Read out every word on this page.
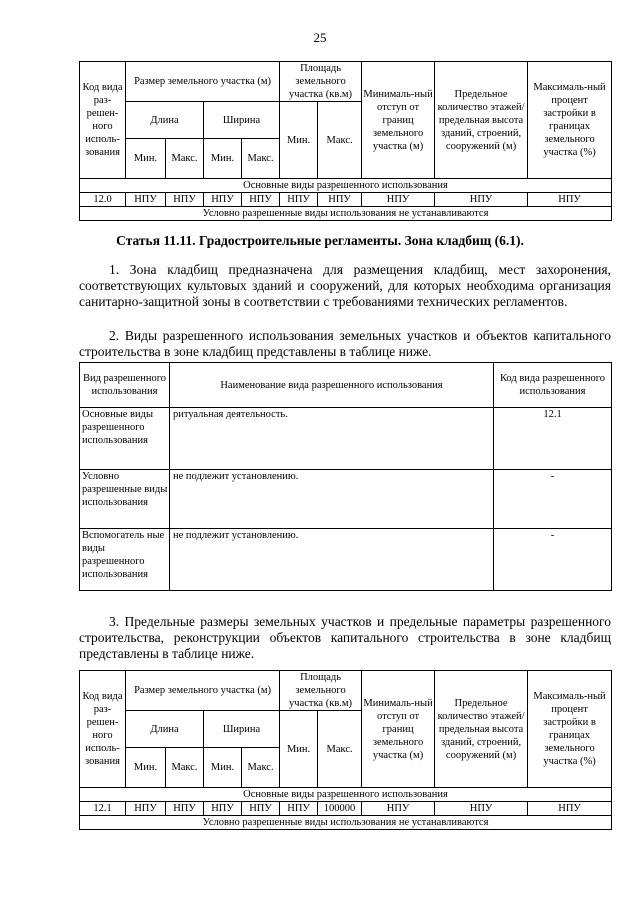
25
Код вида раз-решен-ного исполь-зования	Размер земельного участка (м)				Площадь земельного участка (кв.м)		Минималь-ный отступ от границ земельного участка (м)	Предельное количество этажей/ предельная высота зданий, строений, сооружений (м)	Максималь-ный процент застройки в границах земельного участка (%)
	Длина		Ширина		Мин.	Макс.			
	Мин.	Макс.	Мин.	Макс.					
Основные виды разрешенного использования									
12.0	НПУ	НПУ	НПУ	НПУ	НПУ	НПУ	НПУ	НПУ	НПУ
Условно разрешенные виды использования не устанавливаются									
Статья 11.11. Градостроительные регламенты. Зона кладбищ (6.1).

1. Зона кладбищ предназначена для размещения кладбищ, мест захоронения, соответствующих культовых зданий и сооружений, для которых необходима организация санитарно-защитной зоны в соответствии с требованиями технических регламентов.

2. Виды разрешенного использования земельных участков и объектов капитального строительства в зоне кладбищ представлены в таблице ниже.

Вид разрешенного использования	Наименование вида разрешенного использования	Код вида разрешенного использования
Основные виды разрешенного использования	ритуальная деятельность.	12.1
Условно разрешенные виды использования	не подлежит установлению.	-
Вспомогатель ные виды разрешенного использования	не подлежит установлению.	-

3. Предельные размеры земельных участков и предельные параметры разрешенного строительства, реконструкции объектов капитального строительства в зоне кладбищ представлены в таблице ниже.

Код вида раз-решен-ного исполь-зования	Размер земельного участка (м)				Площадь земельного участка (кв.м)		Минималь-ный отступ от границ земельного участка (м)	Предельное количество этажей/ предельная высота зданий, строений, сооружений (м)	Максималь-ный процент застройки в границах земельного участка (%)
	Длина		Ширина		Мин.	Макс.			
	Мин.	Макс.	Мин.	Макс.					
Основные виды разрешенного использования									
12.1	НПУ	НПУ	НПУ	НПУ	НПУ	100000	НПУ	НПУ	НПУ
Условно разрешенные виды использования не устанавливаются									
